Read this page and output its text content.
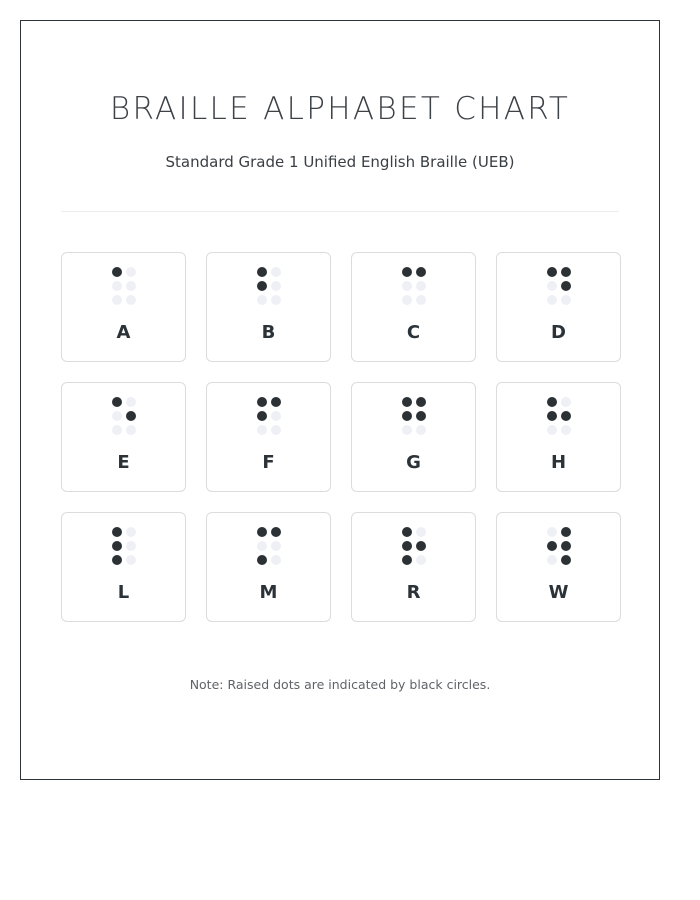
BRAILLE ALPHABET CHART

Standard Grade 1 Unified English Braille (UEB)

A	B	C	D
E	F	G	H
L	M	R	W

Note: Raised dots are indicated by black circles.
